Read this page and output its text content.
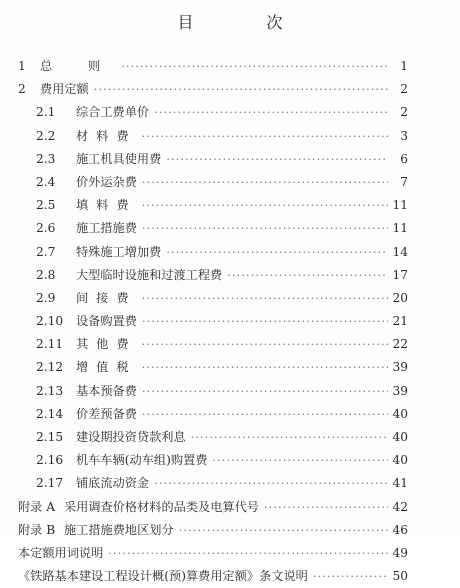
目 次
1	总 则 ·····	1
2	费用定额 ·····	2
2.1	综合工费单价 ·····	2
2.2	材料费 ·····	3
2.3	施工机具使用费 ·····	6
2.4	价外运杂费 ·····	7
2.5	填料费 ·····	11
2.6	施工措施费 ·····	11
2.7	特殊施工增加费 ·····	14
2.8	大型临时设施和过渡工程费 ·····	17
2.9	间接费 ·····	20
2.10	设备购置费 ·····	21
2.11	其他费 ·····	22
2.12	增值税 ·····	39
2.13	基本预备费 ·····	39
2.14	价差预备费 ·····	40
2.15	建设期投资贷款利息 ·····	40
2.16	机车车辆(动车组)购置费 ·····	40
2.17	铺底流动资金 ·····	41
附录 A 采用调查价格材料的品类及电算代号 ·····	42
附录 B 施工措施费地区划分 ·····	46
本定额用词说明 ·····	49
《铁路基本建设工程设计概(预)算费用定额》条文说明 ·····	50
